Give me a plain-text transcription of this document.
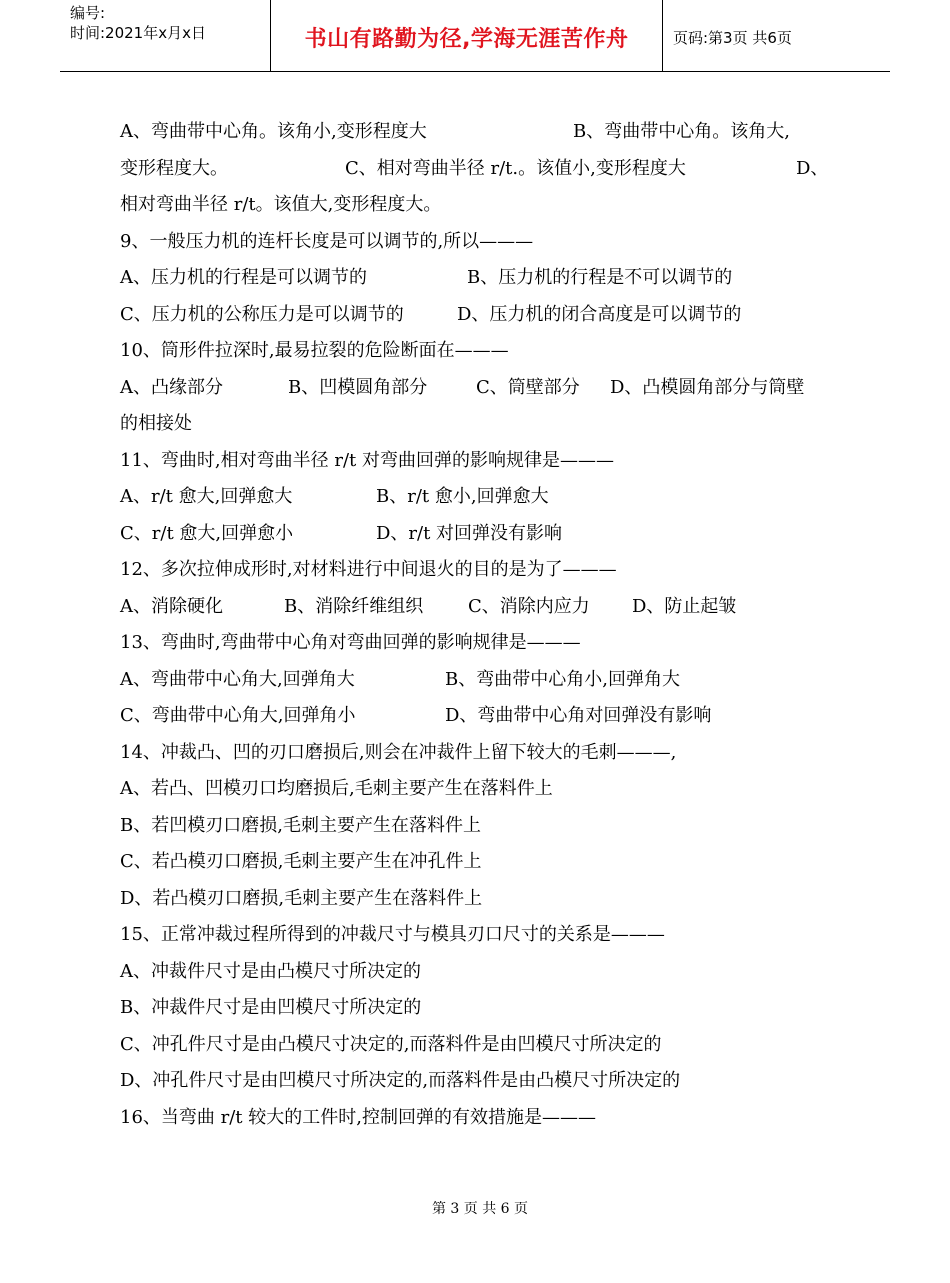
编号:
时间:2021年x月x日	书山有路勤为径,学海无涯苦作舟	页码:第3页 共6页
A、弯曲带中心角。该角小,变形程度大	B、弯曲带中心角。该角大,
变形程度大。	C、相对弯曲半径 r/t.。该值小,变形程度大	D、
相对弯曲半径 r/t。该值大,变形程度大。
9、一般压力机的连杆长度是可以调节的,所以———
A、压力机的行程是可以调节的	B、压力机的行程是不可以调节的
C、压力机的公称压力是可以调节的	D、压力机的闭合高度是可以调节的
10、筒形件拉深时,最易拉裂的危险断面在———
A、凸缘部分	B、凹模圆角部分	C、筒壁部分 D、凸模圆角部分与筒壁
的相接处
11、弯曲时,相对弯曲半径 r/t 对弯曲回弹的影响规律是———
A、r/t 愈大,回弹愈大	B、r/t 愈小,回弹愈大
C、r/t 愈大,回弹愈小	D、r/t 对回弹没有影响
12、多次拉伸成形时,对材料进行中间退火的目的是为了———
A、消除硬化	B、消除纤维组织 C、消除内应力 D、防止起皱
13、弯曲时,弯曲带中心角对弯曲回弹的影响规律是———
A、弯曲带中心角大,回弹角大	B、弯曲带中心角小,回弹角大
C、弯曲带中心角大,回弹角小	D、弯曲带中心角对回弹没有影响
14、冲裁凸、凹的刃口磨损后,则会在冲裁件上留下较大的毛刺———,
A、若凸、凹模刃口均磨损后,毛刺主要产生在落料件上
B、若凹模刃口磨损,毛刺主要产生在落料件上
C、若凸模刃口磨损,毛刺主要产生在冲孔件上
D、若凸模刃口磨损,毛刺主要产生在落料件上
15、正常冲裁过程所得到的冲裁尺寸与模具刃口尺寸的关系是———
A、冲裁件尺寸是由凸模尺寸所决定的
B、冲裁件尺寸是由凹模尺寸所决定的
C、冲孔件尺寸是由凸模尺寸决定的,而落料件是由凹模尺寸所决定的
D、冲孔件尺寸是由凹模尺寸所决定的,而落料件是由凸模尺寸所决定的
16、当弯曲 r/t 较大的工件时,控制回弹的有效措施是———
第 3 页 共 6 页
